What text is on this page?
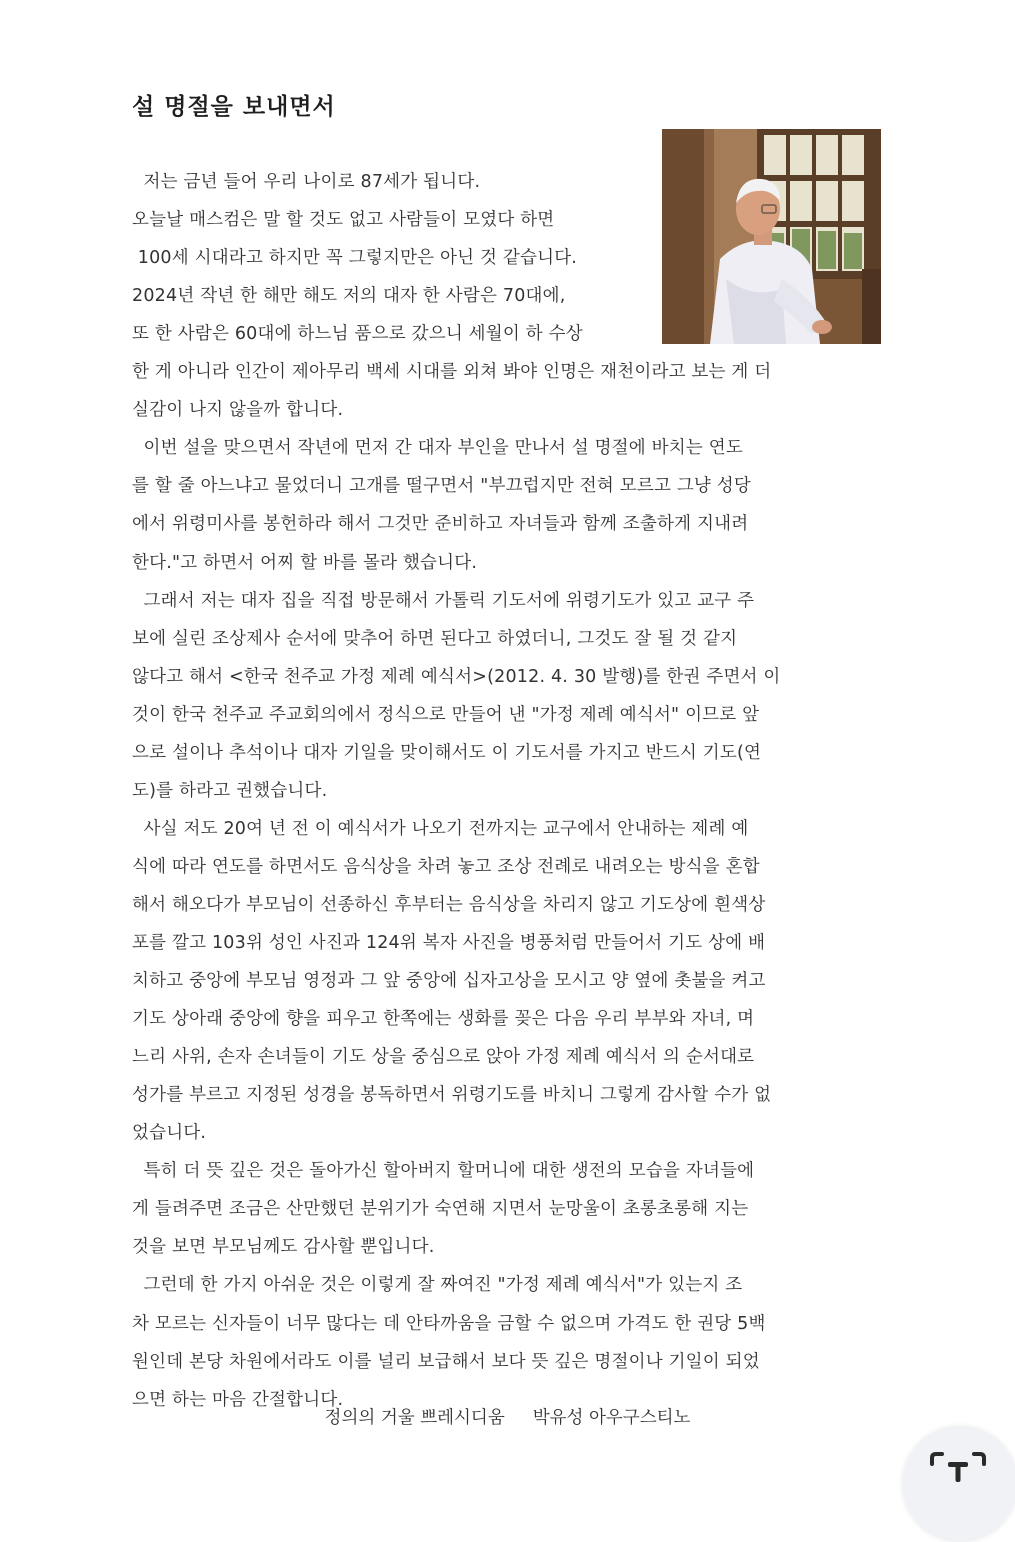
설 명절을 보내면서
저는 금년 들어 우리 나이로 87세가 됩니다.
오늘날 매스컴은 말 할 것도 없고 사람들이 모였다 하면
100세 시대라고 하지만 꼭 그렇지만은 아닌 것 같습니다.
2024년 작년 한 해만 해도 저의 대자 한 사람은 70대에,
또 한 사람은 60대에 하느님 품으로 갔으니 세월이 하 수상
한 게 아니라 인간이 제아무리 백세 시대를 외쳐 봐야 인명은 재천이라고 보는 게 더
실감이 나지 않을까 합니다.
이번 설을 맞으면서 작년에 먼저 간 대자 부인을 만나서 설 명절에 바치는 연도
를 할 줄 아느냐고 물었더니 고개를 떨구면서 "부끄럽지만 전혀 모르고 그냥 성당
에서 위령미사를 봉헌하라 해서 그것만 준비하고 자녀들과 함께 조출하게 지내려
한다."고 하면서 어찌 할 바를 몰라 했습니다.
그래서 저는 대자 집을 직접 방문해서 가톨릭 기도서에 위령기도가 있고 교구 주
보에 실린 조상제사 순서에 맞추어 하면 된다고 하였더니, 그것도 잘 될 것 같지
않다고 해서 <한국 천주교 가정 제례 예식서>(2012. 4. 30 발행)를 한권 주면서 이
것이 한국 천주교 주교회의에서 정식으로 만들어 낸 "가정 제례 예식서" 이므로 앞
으로 설이나 추석이나 대자 기일을 맞이해서도 이 기도서를 가지고 반드시 기도(연
도)를 하라고 권했습니다.
사실 저도 20여 년 전 이 예식서가 나오기 전까지는 교구에서 안내하는 제례 예
식에 따라 연도를 하면서도 음식상을 차려 놓고 조상 전례로 내려오는 방식을 혼합
해서 해오다가 부모님이 선종하신 후부터는 음식상을 차리지 않고 기도상에 흰색상
포를 깔고 103위 성인 사진과 124위 복자 사진을 병풍처럼 만들어서 기도 상에 배
치하고 중앙에 부모님 영정과 그 앞 중앙에 십자고상을 모시고 양 옆에 촛불을 켜고
기도 상아래 중앙에 향을 피우고 한쪽에는 생화를 꽂은 다음 우리 부부와 자녀, 며
느리 사위, 손자 손녀들이 기도 상을 중심으로 앉아 가정 제례 예식서 의 순서대로
성가를 부르고 지정된 성경을 봉독하면서 위령기도를 바치니 그렇게 감사할 수가 없
었습니다.
특히 더 뜻 깊은 것은 돌아가신 할아버지 할머니에 대한 생전의 모습을 자녀들에
게 들려주면 조금은 산만했던 분위기가 숙연해 지면서 눈망울이 초롱초롱해 지는
것을 보면 부모님께도 감사할 뿐입니다.
그런데 한 가지 아쉬운 것은 이렇게 잘 짜여진 "가정 제례 예식서"가 있는지 조
차 모르는 신자들이 너무 많다는 데 안타까움을 금할 수 없으며 가격도 한 권당 5백
원인데 본당 차원에서라도 이를 널리 보급해서 보다 뜻 깊은 명절이나 기일이 되었
으면 하는 마음 간절합니다.
정의의 거울 쁘레시디움 박유성 아우구스티노
